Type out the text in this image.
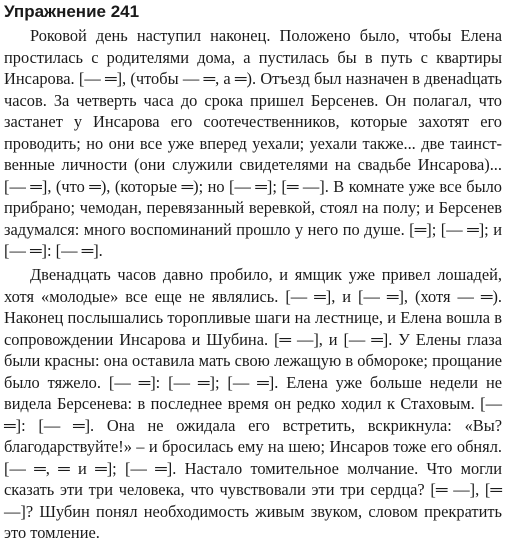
Упражнение 241

Роковой день наступил наконец. Положено было, чтобы Елена простилась с родителями дома, а пустилась бы в путь с квартиры Инсарова. [— ═], (чтобы — ═, а ═). Отъезд был назначен в двенаdцать часов. За четверть часа до срока пришел Берсенев. Он полагал, что застанет у Инсарова его соотечественников, которые захотят его проводить; но они все уже вперед уехали; уехали также... две таинственные личности (они служили свидетелями на свадьбе Инсарова)... [— ═], (что ═), (которые ═); но [— ═]; [═ —]. В комнате уже все было прибрано; чемодан, перевязанный веревкой, стоял на полу; и Берсенев задумался: много воспоминаний прошло у него по душе. [═]; [— ═]; и [— ═]: [— ═].

Двенадцать часов давно пробило, и ямщик уже привел лошадей, хотя «молодые» все еще не являлись. [— ═], и [— ═], (хотя — ═). Наконец послышались торопливые шаги на лестнице, и Елена вошла в сопровождении Инсарова и Шубина. [═ —], и [— ═]. У Елены глаза были красны: она оставила мать свою лежащую в обмороке; прощание было тяжело. [— ═]: [— ═]; [— ═]. Елена уже больше недели не видела Берсенева: в последнее время он редко ходил к Стаховым. [— ═]: [— ═]. Она не ожидала его встретить, вскрикнула: «Вы? благодарствуйте!» – и бросилась ему на шею; Инсаров тоже его обнял. [— ═, ═ и ═]; [— ═]. Настало томительное молчание. Что могли сказать эти три человека, что чувствовали эти три сердца? [═ —], [═ —]? Шубин понял необходимость живым звуком, словом прекратить это томление.
